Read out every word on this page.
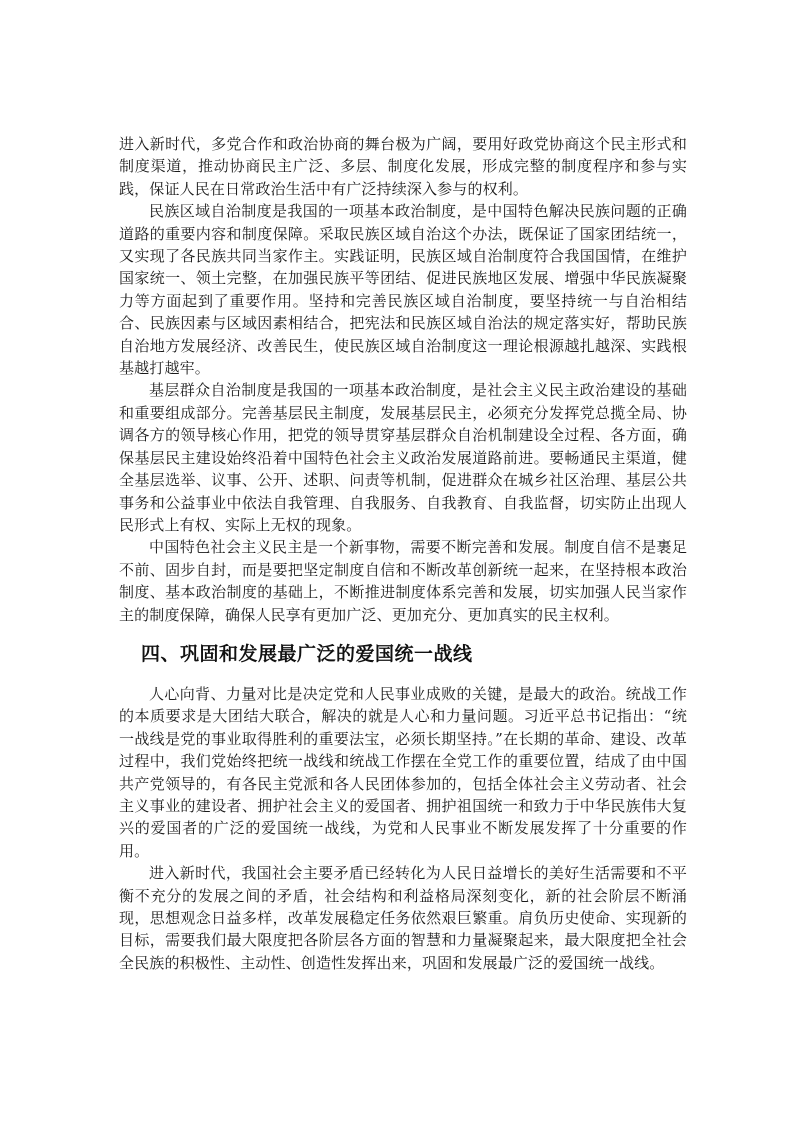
进入新时代，多党合作和政治协商的舞台极为广阔，要用好政党协商这个民主形式和制度渠道，推动协商民主广泛、多层、制度化发展，形成完整的制度程序和参与实践，保证人民在日常政治生活中有广泛持续深入参与的权利。

民族区域自治制度是我国的一项基本政治制度，是中国特色解决民族问题的正确道路的重要内容和制度保障。采取民族区域自治这个办法，既保证了国家团结统一，又实现了各民族共同当家作主。实践证明，民族区域自治制度符合我国国情，在维护国家统一、领土完整，在加强民族平等团结、促进民族地区发展、增强中华民族凝聚力等方面起到了重要作用。坚持和完善民族区域自治制度，要坚持统一与自治相结合、民族因素与区域因素相结合，把宪法和民族区域自治法的规定落实好，帮助民族自治地方发展经济、改善民生，使民族区域自治制度这一理论根源越扎越深、实践根基越打越牢。

基层群众自治制度是我国的一项基本政治制度，是社会主义民主政治建设的基础和重要组成部分。完善基层民主制度，发展基层民主，必须充分发挥党总揽全局、协调各方的领导核心作用，把党的领导贯穿基层群众自治机制建设全过程、各方面，确保基层民主建设始终沿着中国特色社会主义政治发展道路前进。要畅通民主渠道，健全基层选举、议事、公开、述职、问责等机制，促进群众在城乡社区治理、基层公共事务和公益事业中依法自我管理、自我服务、自我教育、自我监督，切实防止出现人民形式上有权、实际上无权的现象。

中国特色社会主义民主是一个新事物，需要不断完善和发展。制度自信不是裹足不前、固步自封，而是要把坚定制度自信和不断改革创新统一起来，在坚持根本政治制度、基本政治制度的基础上，不断推进制度体系完善和发展，切实加强人民当家作主的制度保障，确保人民享有更加广泛、更加充分、更加真实的民主权利。

四、巩固和发展最广泛的爱国统一战线

人心向背、力量对比是决定党和人民事业成败的关键，是最大的政治。统战工作的本质要求是大团结大联合，解决的就是人心和力量问题。习近平总书记指出：“统一战线是党的事业取得胜利的重要法宝，必须长期坚持。”在长期的革命、建设、改革过程中，我们党始终把统一战线和统战工作摆在全党工作的重要位置，结成了由中国共产党领导的，有各民主党派和各人民团体参加的，包括全体社会主义劳动者、社会主义事业的建设者、拥护社会主义的爱国者、拥护祖国统一和致力于中华民族伟大复兴的爱国者的广泛的爱国统一战线，为党和人民事业不断发展发挥了十分重要的作用。

进入新时代，我国社会主要矛盾已经转化为人民日益增长的美好生活需要和不平衡不充分的发展之间的矛盾，社会结构和利益格局深刻变化，新的社会阶层不断涌现，思想观念日益多样，改革发展稳定任务依然艰巨繁重。肩负历史使命、实现新的目标，需要我们最大限度把各阶层各方面的智慧和力量凝聚起来，最大限度把全社会全民族的积极性、主动性、创造性发挥出来，巩固和发展最广泛的爱国统一战线。
